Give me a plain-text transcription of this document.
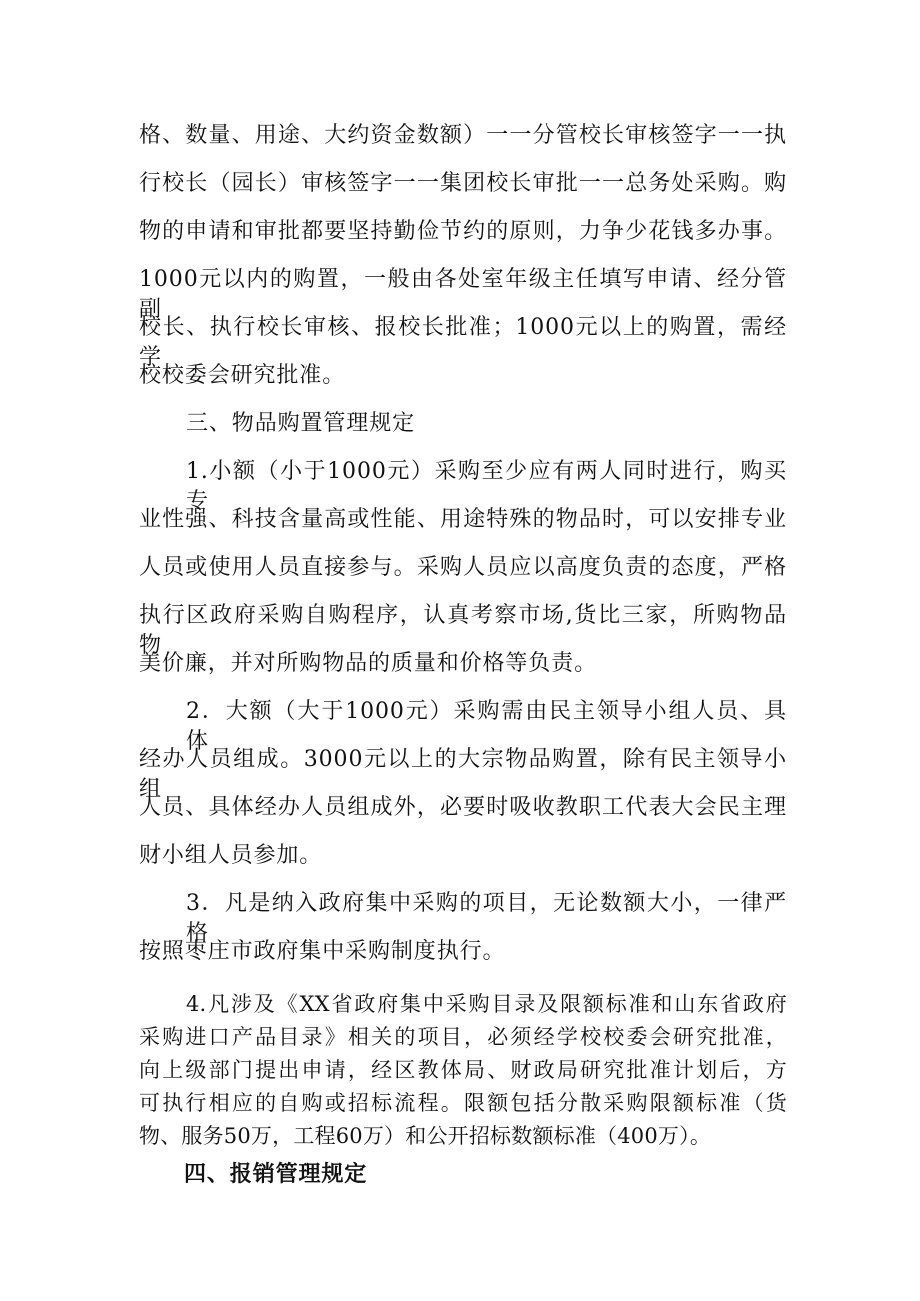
格、数量、用途、大约资金数额）一一分管校长审核签字一一执
行校长（园长）审核签字一一集团校长审批一一总务处采购。购
物的申请和审批都要坚持勤俭节约的原则，力争少花钱多办事。
1000元以内的购置，一般由各处室年级主任填写申请、经分管副
校长、执行校长审核、报校长批准；1000元以上的购置，需经学
校校委会研究批准。
三、物品购置管理规定
1.小额（小于1000元）采购至少应有两人同时进行，购买专
业性强、科技含量高或性能、用途特殊的物品时，可以安排专业
人员或使用人员直接参与。采购人员应以高度负责的态度，严格
执行区政府采购自购程序，认真考察市场,货比三家，所购物品物
美价廉，并对所购物品的质量和价格等负责。
2．大额（大于1000元）采购需由民主领导小组人员、具体
经办人员组成。3000元以上的大宗物品购置，除有民主领导小组
人员、具体经办人员组成外，必要时吸收教职工代表大会民主理
财小组人员参加。
3．凡是纳入政府集中采购的项目，无论数额大小，一律严格
按照枣庄市政府集中采购制度执行。
4.凡涉及《XX省政府集中采购目录及限额标准和山东省政府
采购进口产品目录》相关的项目，必须经学校校委会研究批准，
向上级部门提出申请，经区教体局、财政局研究批准计划后，方
可执行相应的自购或招标流程。限额包括分散采购限额标准（货
物、服务50万，工程60万）和公开招标数额标准（400万）。
四、报销管理规定
